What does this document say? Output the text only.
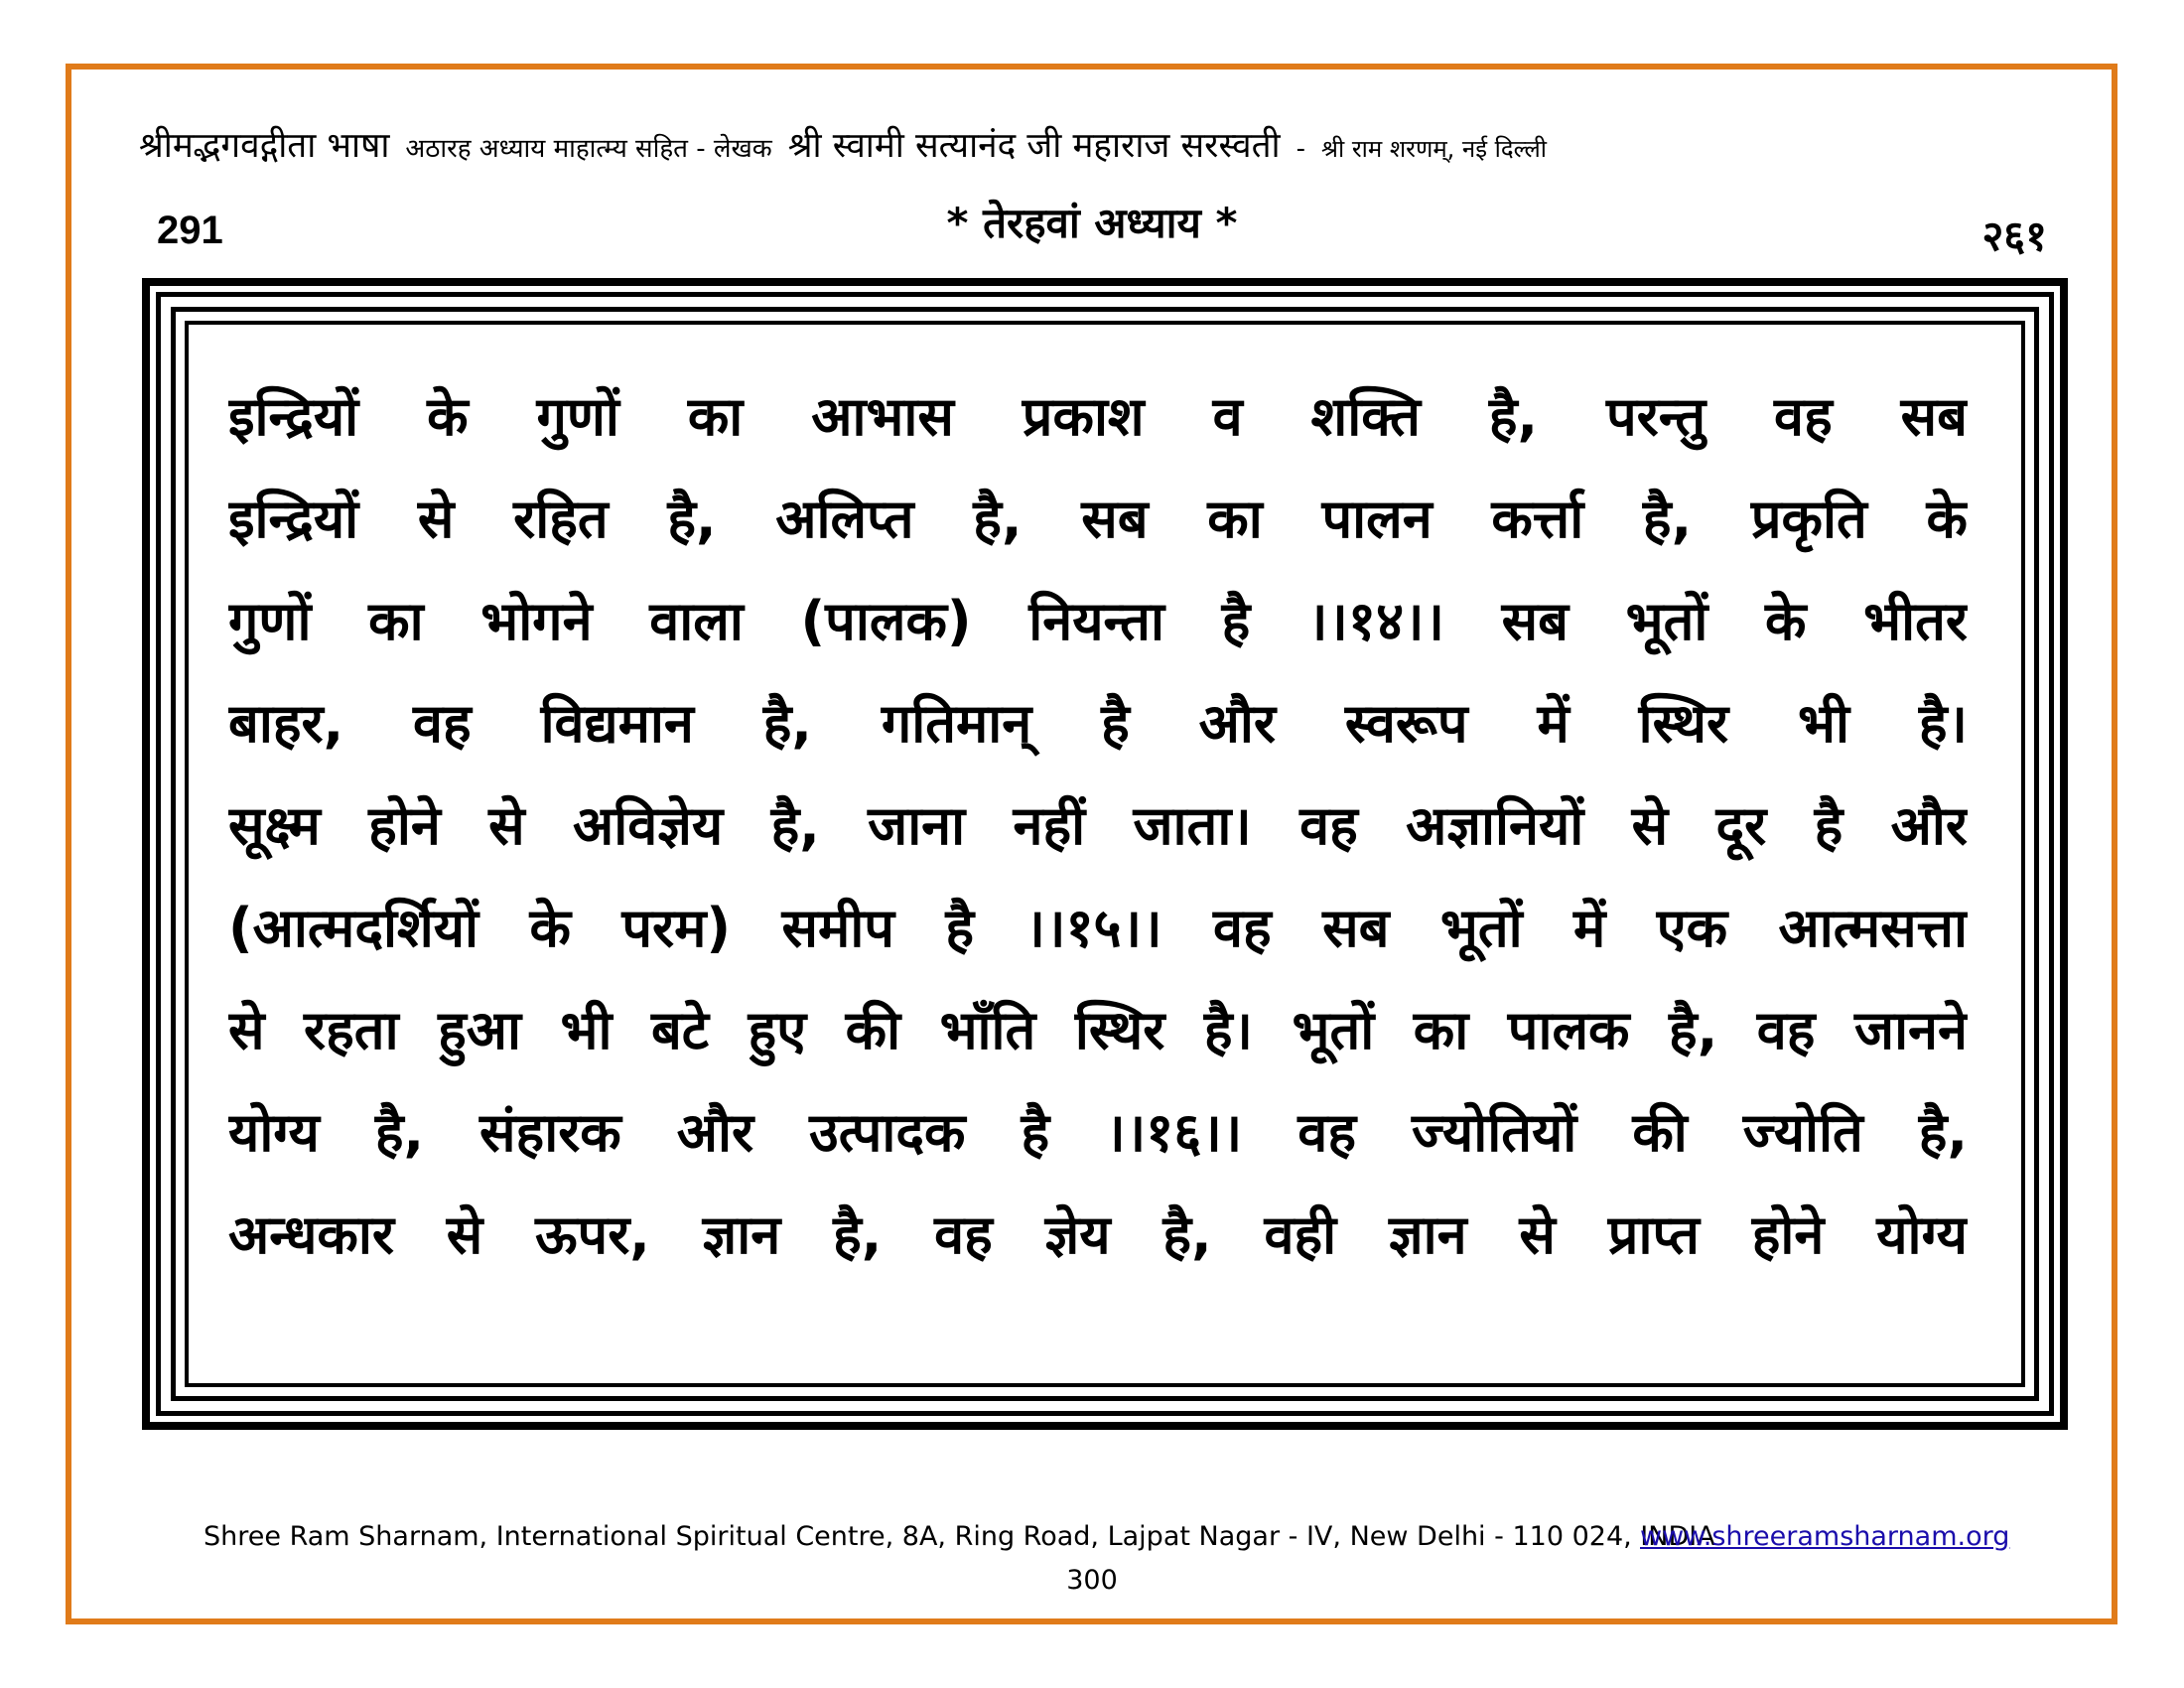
श्रीमद्भगवद्गीता भाषा अठारह अध्याय माहात्म्य सहित - लेखक श्री स्वामी सत्यानंद जी महाराज सरस्वती - श्री राम शरणम्, नई दिल्ली
291	* तेरहवां अध्याय *	२६१
इन्द्रियों के गुणों का आभास प्रकाश व शक्ति है, परन्तु वह सब
इन्द्रियों से रहित है, अलिप्त है, सब का पालन कर्त्ता है, प्रकृति के
गुणों का भोगने वाला (पालक) नियन्ता है ।।१४।। सब भूतों के भीतर
बाहर, वह विद्यमान है, गतिमान् है और स्वरूप में स्थिर भी है।
सूक्ष्म होने से अविज्ञेय है, जाना नहीं जाता। वह अज्ञानियों से दूर है और
(आत्मदर्शियों के परम) समीप है ।।१५।। वह सब भूतों में एक आत्मसत्ता
से रहता हुआ भी बटे हुए की भाँति स्थिर है। भूतों का पालक है, वह जानने
योग्य है, संहारक और उत्पादक है ।।१६।। वह ज्योतियों की ज्योति है,
अन्धकार से ऊपर, ज्ञान है, वह ज्ञेय है, वही ज्ञान से प्राप्त होने योग्य
Shree Ram Sharnam, International Spiritual Centre, 8A, Ring Road, Lajpat Nagar - IV, New Delhi - 110 024, INDIA
www.shreeramsharnam.org
300
